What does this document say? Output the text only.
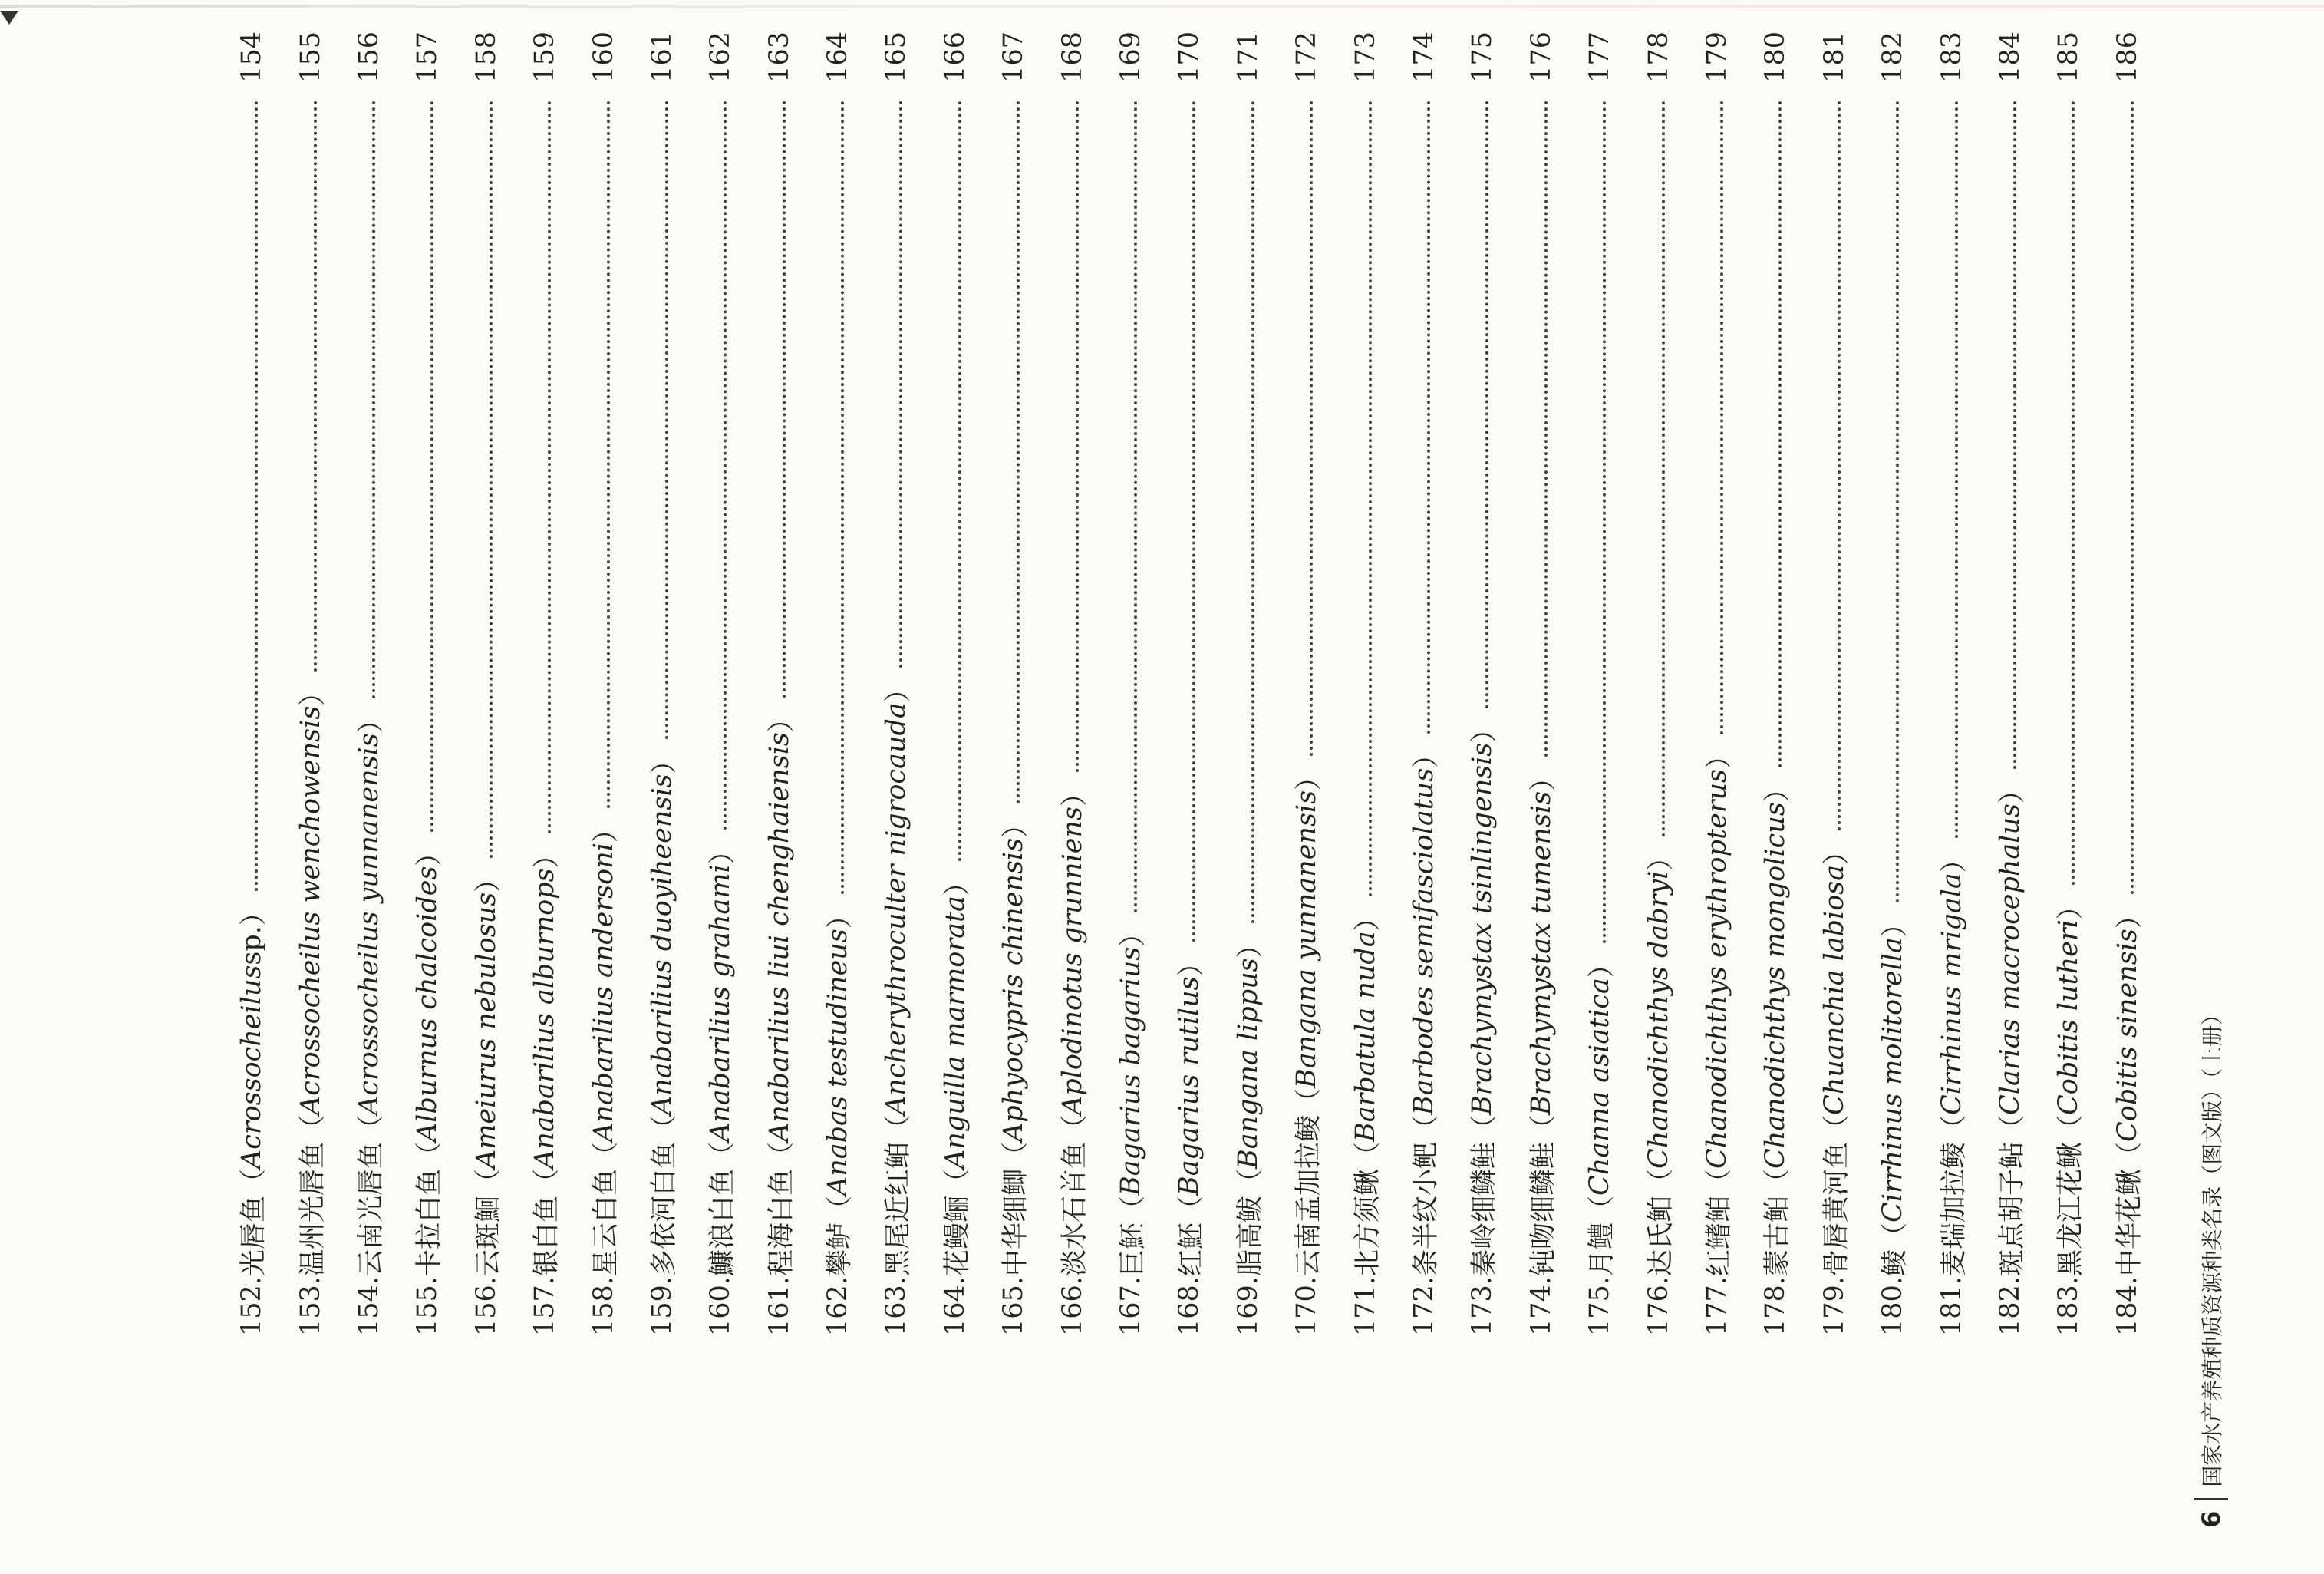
152.
光唇鱼
（
Acrossocheilus
sp.
）
154
153.
温州光唇鱼
（
Acrossocheilus wenchowensis
）
155
154.
云南光唇鱼
（
Acrossocheilus yunnanensis
）
156
155.
卡拉白鱼
（
Alburnus chalcoides
）
157
156.
云斑鮰
（
Ameiurus nebulosus
）
158
157.
银白鱼
（
Anabarilius alburnops
）
159
158.
星云白鱼
（
Anabarilius andersoni
）
160
159.
多依河白鱼
（
Anabarilius duoyiheensis
）
161
160.
鱇浪白鱼
（
Anabarilius grahami
）
162
161.
程海白鱼
（
Anabarilius liui chenghaiensis
）
163
162.
攀鲈
（
Anabas testudineus
）
164
163.
黑尾近红鲌
（
Ancherythroculter nigrocauda
）
165
164.
花鳗鲡
（
Anguilla marmorata
）
166
165.
中华细鲫
（
Aphyocypris chinensis
）
167
166.
淡水石首鱼
（
Aplodinotus grunniens
）
168
167.
巨魾
（
Bagarius bagarius
）
169
168.
红魾
（
Bagarius rutilus
）
170
169.
脂高鲅
（
Bangana lippus
）
171
170.
云南孟加拉鲮
（
Bangana yunnanensis
）
172
171.
北方须鳅
（
Barbatula nuda
）
173
172.
条半纹小鲃
（
Barbodes semifasciolatus
）
174
173.
秦岭细鳞鲑
（
Brachymystax tsinlingensis
）
175
174.
钝吻细鳞鲑
（
Brachymystax tumensis
）
176
175.
月鳢
（
Channa asiatica
）
177
176.
达氏鲌
（
Chanodichthys dabryi
）
178
177.
红鳍鲌
（
Chanodichthys erythropterus
）
179
178.
蒙古鲌
（
Chanodichthys mongolicus
）
180
179.
骨唇黄河鱼
（
Chuanchia labiosa
）
181
180.
鲮
（
Cirrhinus molitorella
）
182
181.
麦瑞加拉鲮
（
Cirrhinus mrigala
）
183
182.
斑点胡子鲇
（
Clarias macrocephalus
）
184
183.
黑龙江花鳅
（
Cobitis lutheri
）
185
184.
中华花鳅
（
Cobitis sinensis
）
186
6
国家水产养殖种质资源种类名录（图文版）（上册）
